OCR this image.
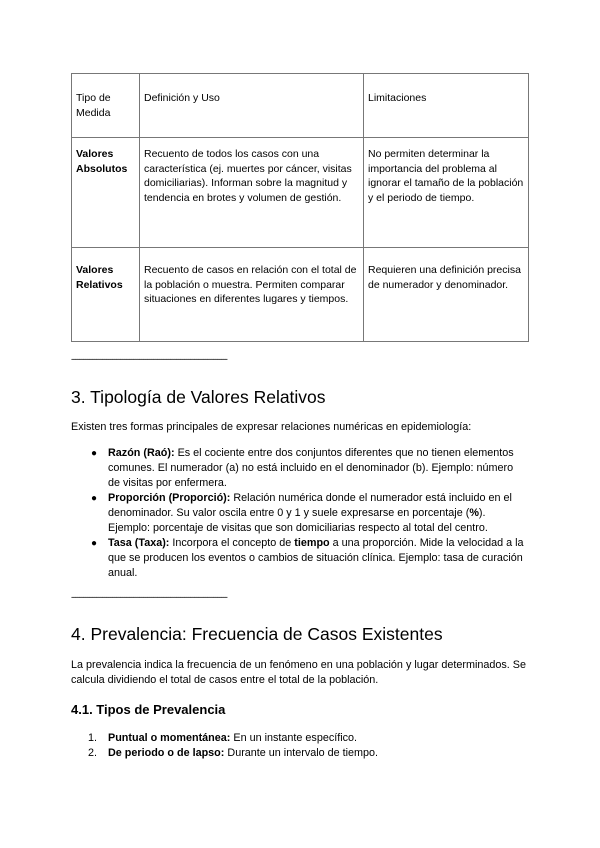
Tipo de Medida	Definición y Uso	Limitaciones
Valores Absolutos	Recuento de todos los casos con una característica (ej. muertes por cáncer, visitas domiciliarias). Informan sobre la magnitud y tendencia en brotes y volumen de gestión.	No permiten determinar la importancia del problema al ignorar el tamaño de la población y el periodo de tiempo.
Valores Relativos	Recuento de casos en relación con el total de la población o muestra. Permiten comparar situaciones en diferentes lugares y tiempos.	Requieren una definición precisa de numerador y denominador.
--------------------------------------------------------------------------------
3. Tipología de Valores Relativos

Existen tres formas principales de expresar relaciones numéricas en epidemiología:

● Razón (Raó): Es el cociente entre dos conjuntos diferentes que no tienen elementos comunes. El numerador (a) no está incluido en el denominador (b). Ejemplo: número de visitas por enfermera.
● Proporción (Proporció): Relación numérica donde el numerador está incluido en el denominador. Su valor oscila entre 0 y 1 y suele expresarse en porcentaje (%). Ejemplo: porcentaje de visitas que son domiciliarias respecto al total del centro.
● Tasa (Taxa): Incorpora el concepto de tiempo a una proporción. Mide la velocidad a la que se producen los eventos o cambios de situación clínica. Ejemplo: tasa de curación anual.
--------------------------------------------------------------------------------
4. Prevalencia: Frecuencia de Casos Existentes

La prevalencia indica la frecuencia de un fenómeno en una población y lugar determinados. Se calcula dividiendo el total de casos entre el total de la población.

4.1. Tipos de Prevalencia
1. Puntual o momentánea: En un instante específico.
2. De periodo o de lapso: Durante un intervalo de tiempo.
